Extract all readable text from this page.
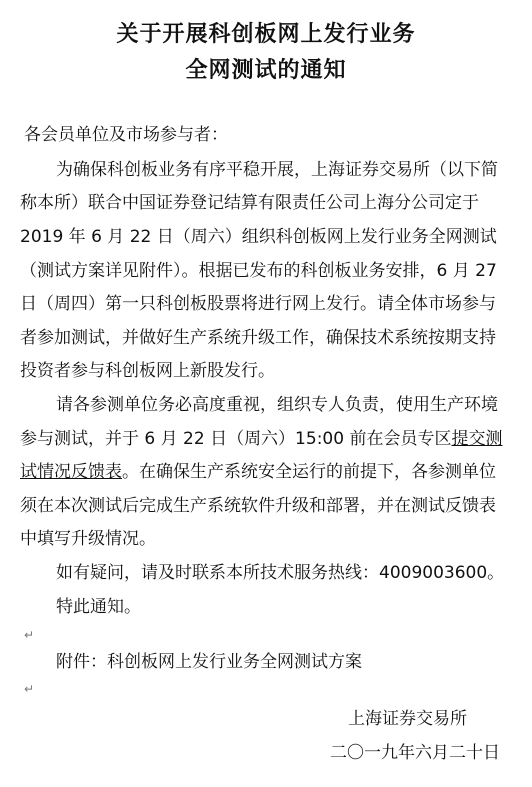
关于开展科创板网上发行业务
全网测试的通知
各会员单位及市场参与者：
为确保科创板业务有序平稳开展，上海证券交易所（以下简
称本所）联合中国证券登记结算有限责任公司上海分公司定于
2019 年 6 月 22 日（周六）组织科创板网上发行业务全网测试
（测试方案详见附件）。根据已发布的科创板业务安排，6 月 27
日（周四）第一只科创板股票将进行网上发行。请全体市场参与
者参加测试，并做好生产系统升级工作，确保技术系统按期支持
投资者参与科创板网上新股发行。
请各参测单位务必高度重视，组织专人负责，使用生产环境
参与测试，并于 6 月 22 日（周六）15:00 前在会员专区提交测
试情况反馈表。在确保生产系统安全运行的前提下，各参测单位
须在本次测试后完成生产系统软件升级和部署，并在测试反馈表
中填写升级情况。
如有疑问，请及时联系本所技术服务热线：4009003600。
特此通知。
↵
附件：科创板网上发行业务全网测试方案
↵
上海证券交易所
二〇一九年六月二十日
